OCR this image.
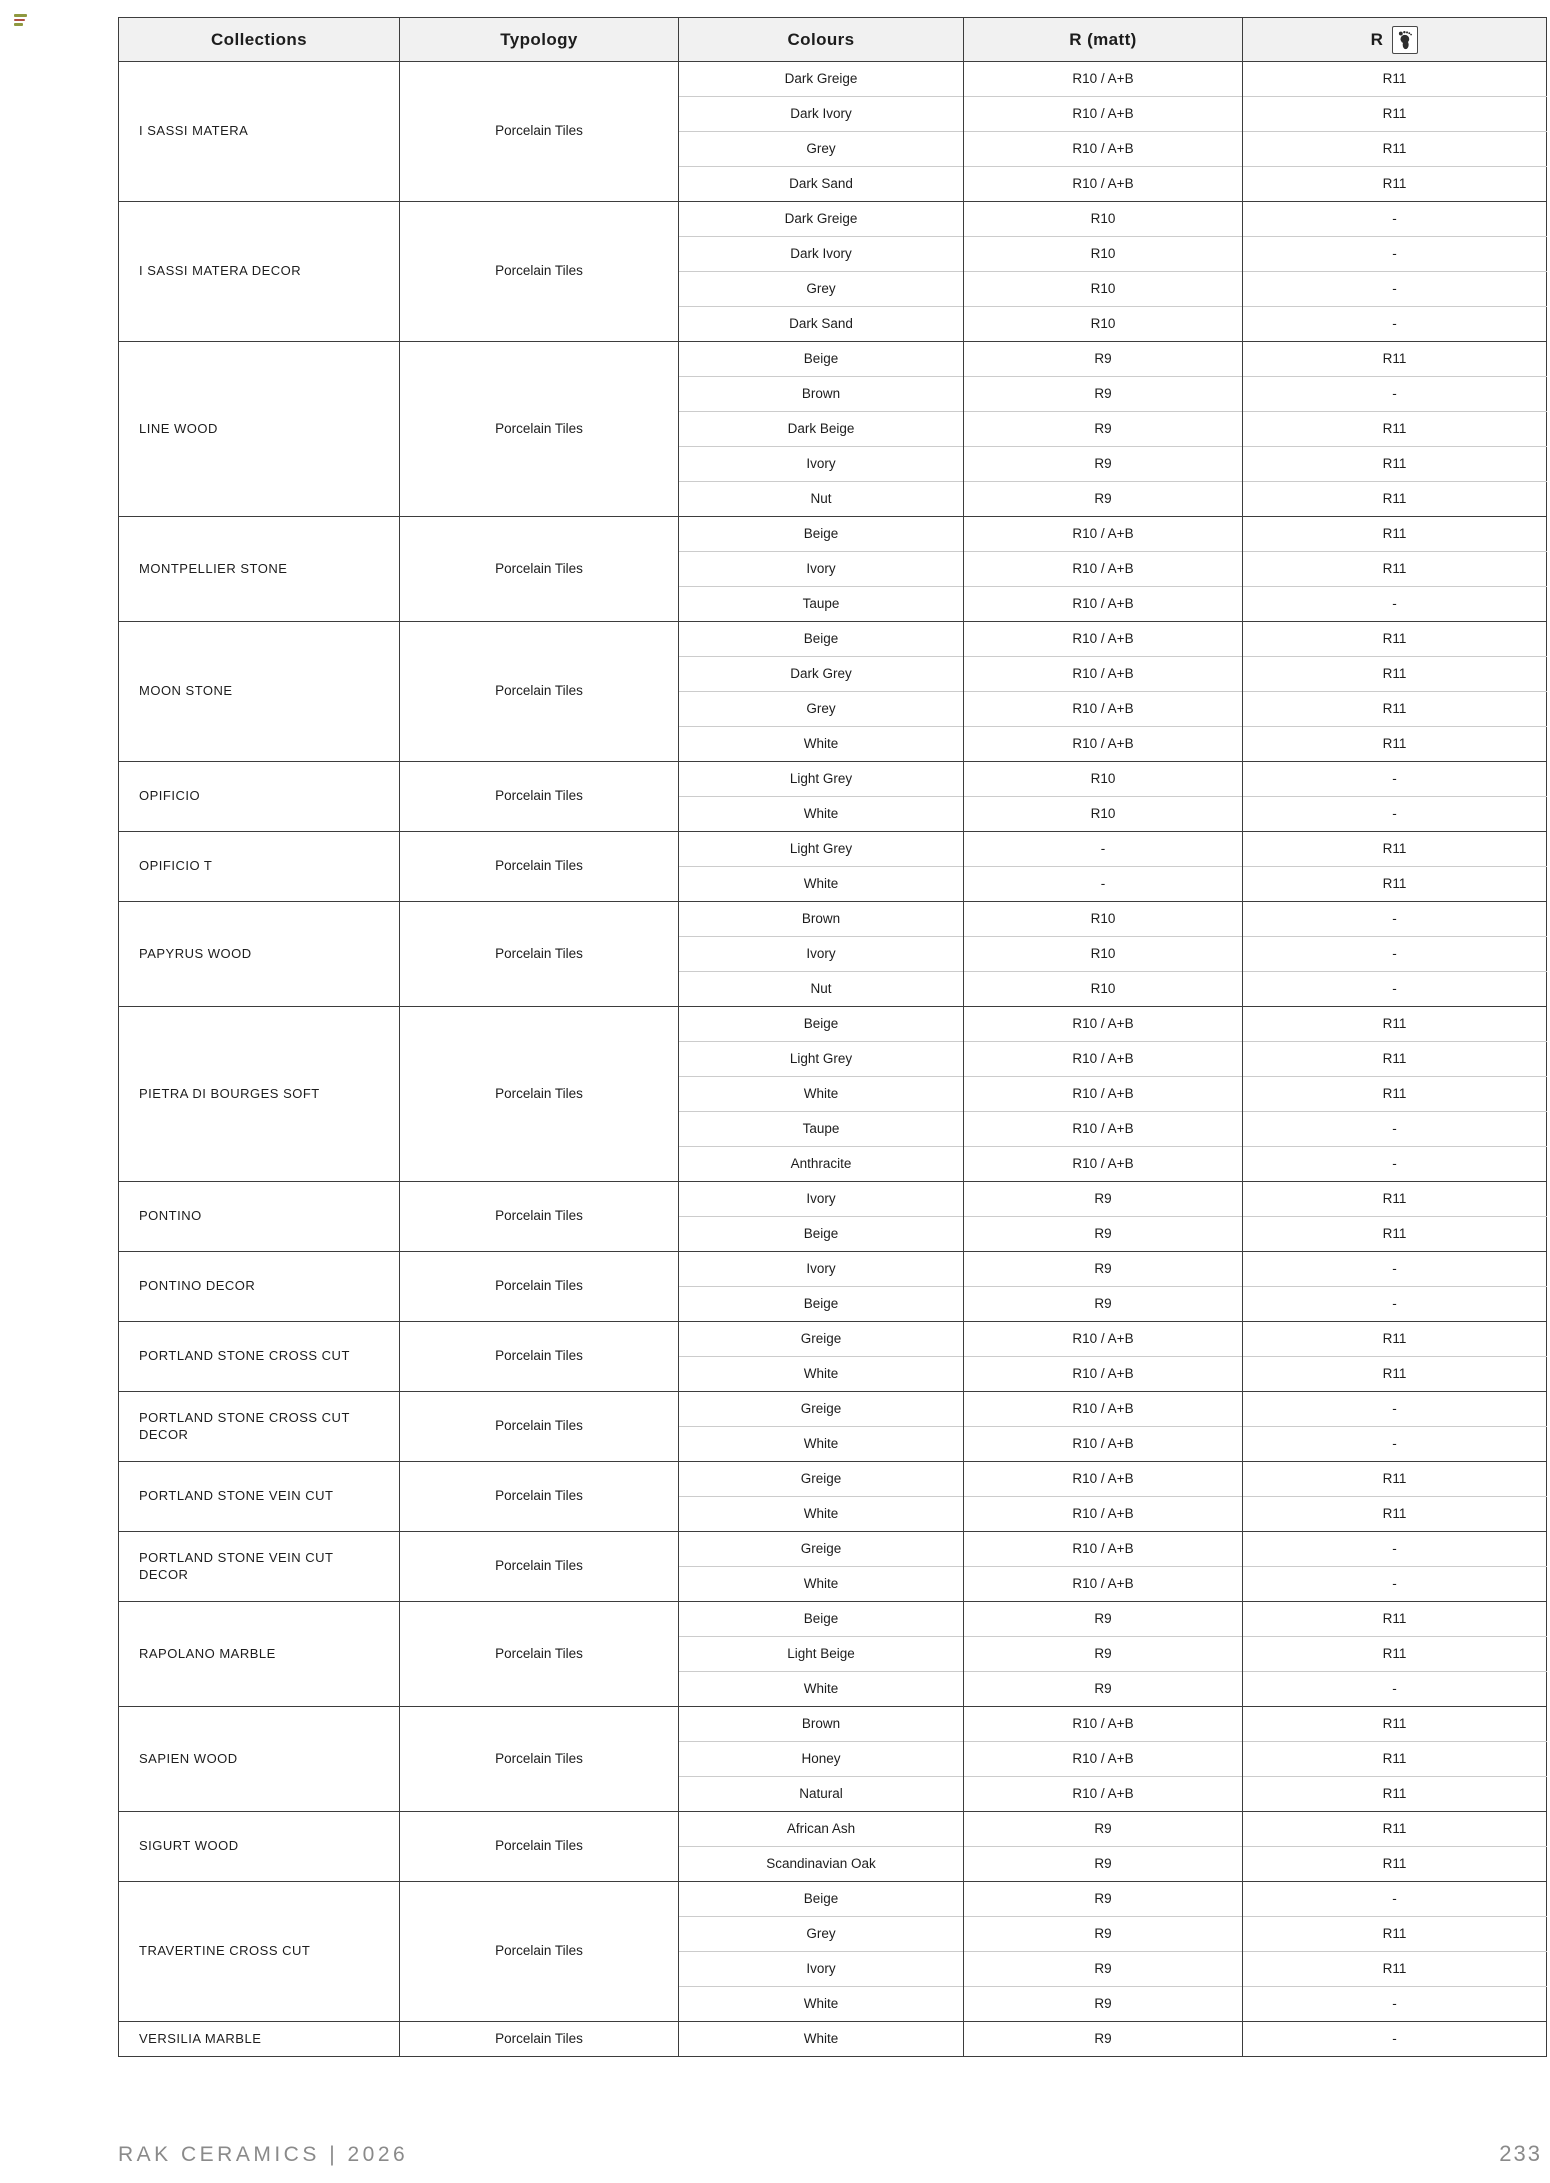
Collections	Typology	Colours	R (matt)	R

I SASSI MATERA	Porcelain Tiles	Dark Greige	R10 / A+B	R11
		Dark Ivory	R10 / A+B	R11
		Grey	R10 / A+B	R11
		Dark Sand	R10 / A+B	R11
I SASSI MATERA DECOR	Porcelain Tiles	Dark Greige	R10	-
		Dark Ivory	R10	-
		Grey	R10	-
		Dark Sand	R10	-
LINE WOOD	Porcelain Tiles	Beige	R9	R11
		Brown	R9	-
		Dark Beige	R9	R11
		Ivory	R9	R11
		Nut	R9	R11
MONTPELLIER STONE	Porcelain Tiles	Beige	R10 / A+B	R11
		Ivory	R10 / A+B	R11
		Taupe	R10 / A+B	-
MOON STONE	Porcelain Tiles	Beige	R10 / A+B	R11
		Dark Grey	R10 / A+B	R11
		Grey	R10 / A+B	R11
		White	R10 / A+B	R11
OPIFICIO	Porcelain Tiles	Light Grey	R10	-
		White	R10	-
OPIFICIO T	Porcelain Tiles	Light Grey	-	R11
		White	-	R11
PAPYRUS WOOD	Porcelain Tiles	Brown	R10	-
		Ivory	R10	-
		Nut	R10	-
PIETRA DI BOURGES SOFT	Porcelain Tiles	Beige	R10 / A+B	R11
		Light Grey	R10 / A+B	R11
		White	R10 / A+B	R11
		Taupe	R10 / A+B	-
		Anthracite	R10 / A+B	-
PONTINO	Porcelain Tiles	Ivory	R9	R11
		Beige	R9	R11
PONTINO DECOR	Porcelain Tiles	Ivory	R9	-
		Beige	R9	-
PORTLAND STONE CROSS CUT	Porcelain Tiles	Greige	R10 / A+B	R11
		White	R10 / A+B	R11
PORTLAND STONE CROSS CUT DECOR	Porcelain Tiles	Greige	R10 / A+B	-
		White	R10 / A+B	-
PORTLAND STONE VEIN CUT	Porcelain Tiles	Greige	R10 / A+B	R11
		White	R10 / A+B	R11
PORTLAND STONE VEIN CUT DECOR	Porcelain Tiles	Greige	R10 / A+B	-
		White	R10 / A+B	-
RAPOLANO MARBLE	Porcelain Tiles	Beige	R9	R11
		Light Beige	R9	R11
		White	R9	-
SAPIEN WOOD	Porcelain Tiles	Brown	R10 / A+B	R11
		Honey	R10 / A+B	R11
		Natural	R10 / A+B	R11
SIGURT WOOD	Porcelain Tiles	African Ash	R9	R11
		Scandinavian Oak	R9	R11
TRAVERTINE CROSS CUT	Porcelain Tiles	Beige	R9	-
		Grey	R9	R11
		Ivory	R9	R11
		White	R9	-
VERSILIA MARBLE	Porcelain Tiles	White	R9	-
RAK CERAMICS | 2026	233
